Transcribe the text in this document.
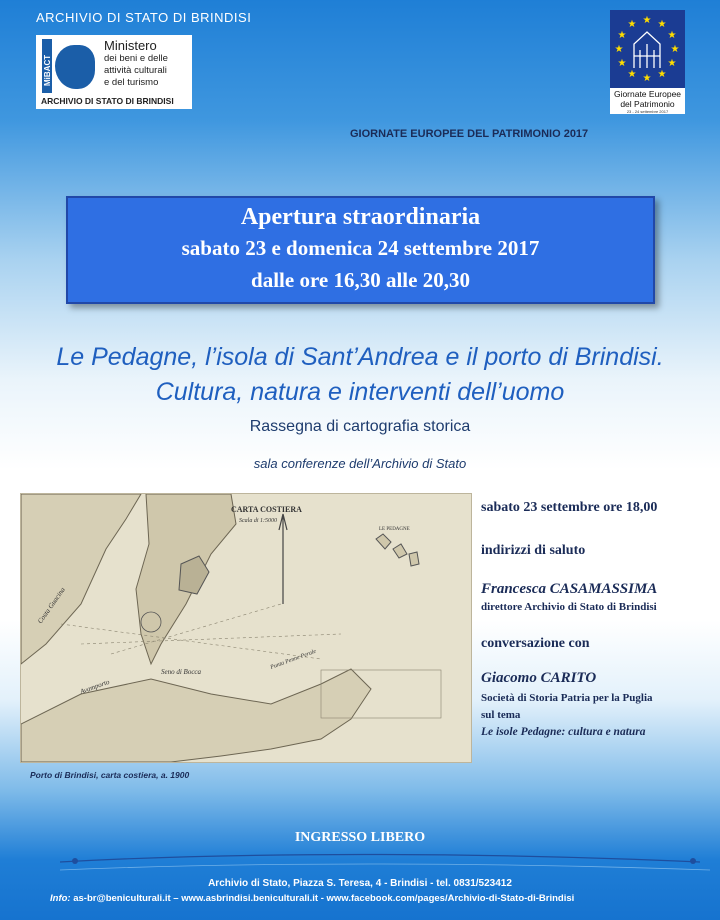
ARCHIVIO DI STATO DI BRINDISI
MiBACT
Ministero
dei beni e delle
attività culturali
e del turismo
ARCHIVIO DI STATO DI BRINDISI
★ ★
★
★
★
★
★
★
★
★
★
★
Giornate Europee
del Patrimonio
23 - 24 settembre 2017
GIORNATE EUROPEE DEL PATRIMONIO 2017
Apertura straordinaria
sabato 23 e domenica 24 settembre 2017
dalle ore 16,30 alle 20,30
Le Pedagne, l’isola di Sant’Andrea e il porto di Brindisi.
Cultura, natura e interventi dell’uomo
Rassegna di cartografia storica
sala conferenze dell’Archivio di Stato
CARTA COSTIERA
Scala di 1:5000
Costa Guacina
Avamporto
Seno di Bocca
Punta Penne Perale
LE PEDAGNE
Porto di Brindisi, carta costiera, a. 1900
sabato 23 settembre ore 18,00
indirizzi di saluto
Francesca CASAMASSIMA
direttore Archivio di Stato di Brindisi
conversazione con
Giacomo CARITO
Società di Storia Patria per la Puglia
sul tema
Le isole Pedagne: cultura e natura
INGRESSO LIBERO
Archivio di Stato, Piazza S. Teresa, 4 - Brindisi - tel. 0831/523412
Info: as-br@beniculturali.it – www.asbrindisi.beniculturali.it - www.facebook.com/pages/Archivio-di-Stato-di-Brindisi
